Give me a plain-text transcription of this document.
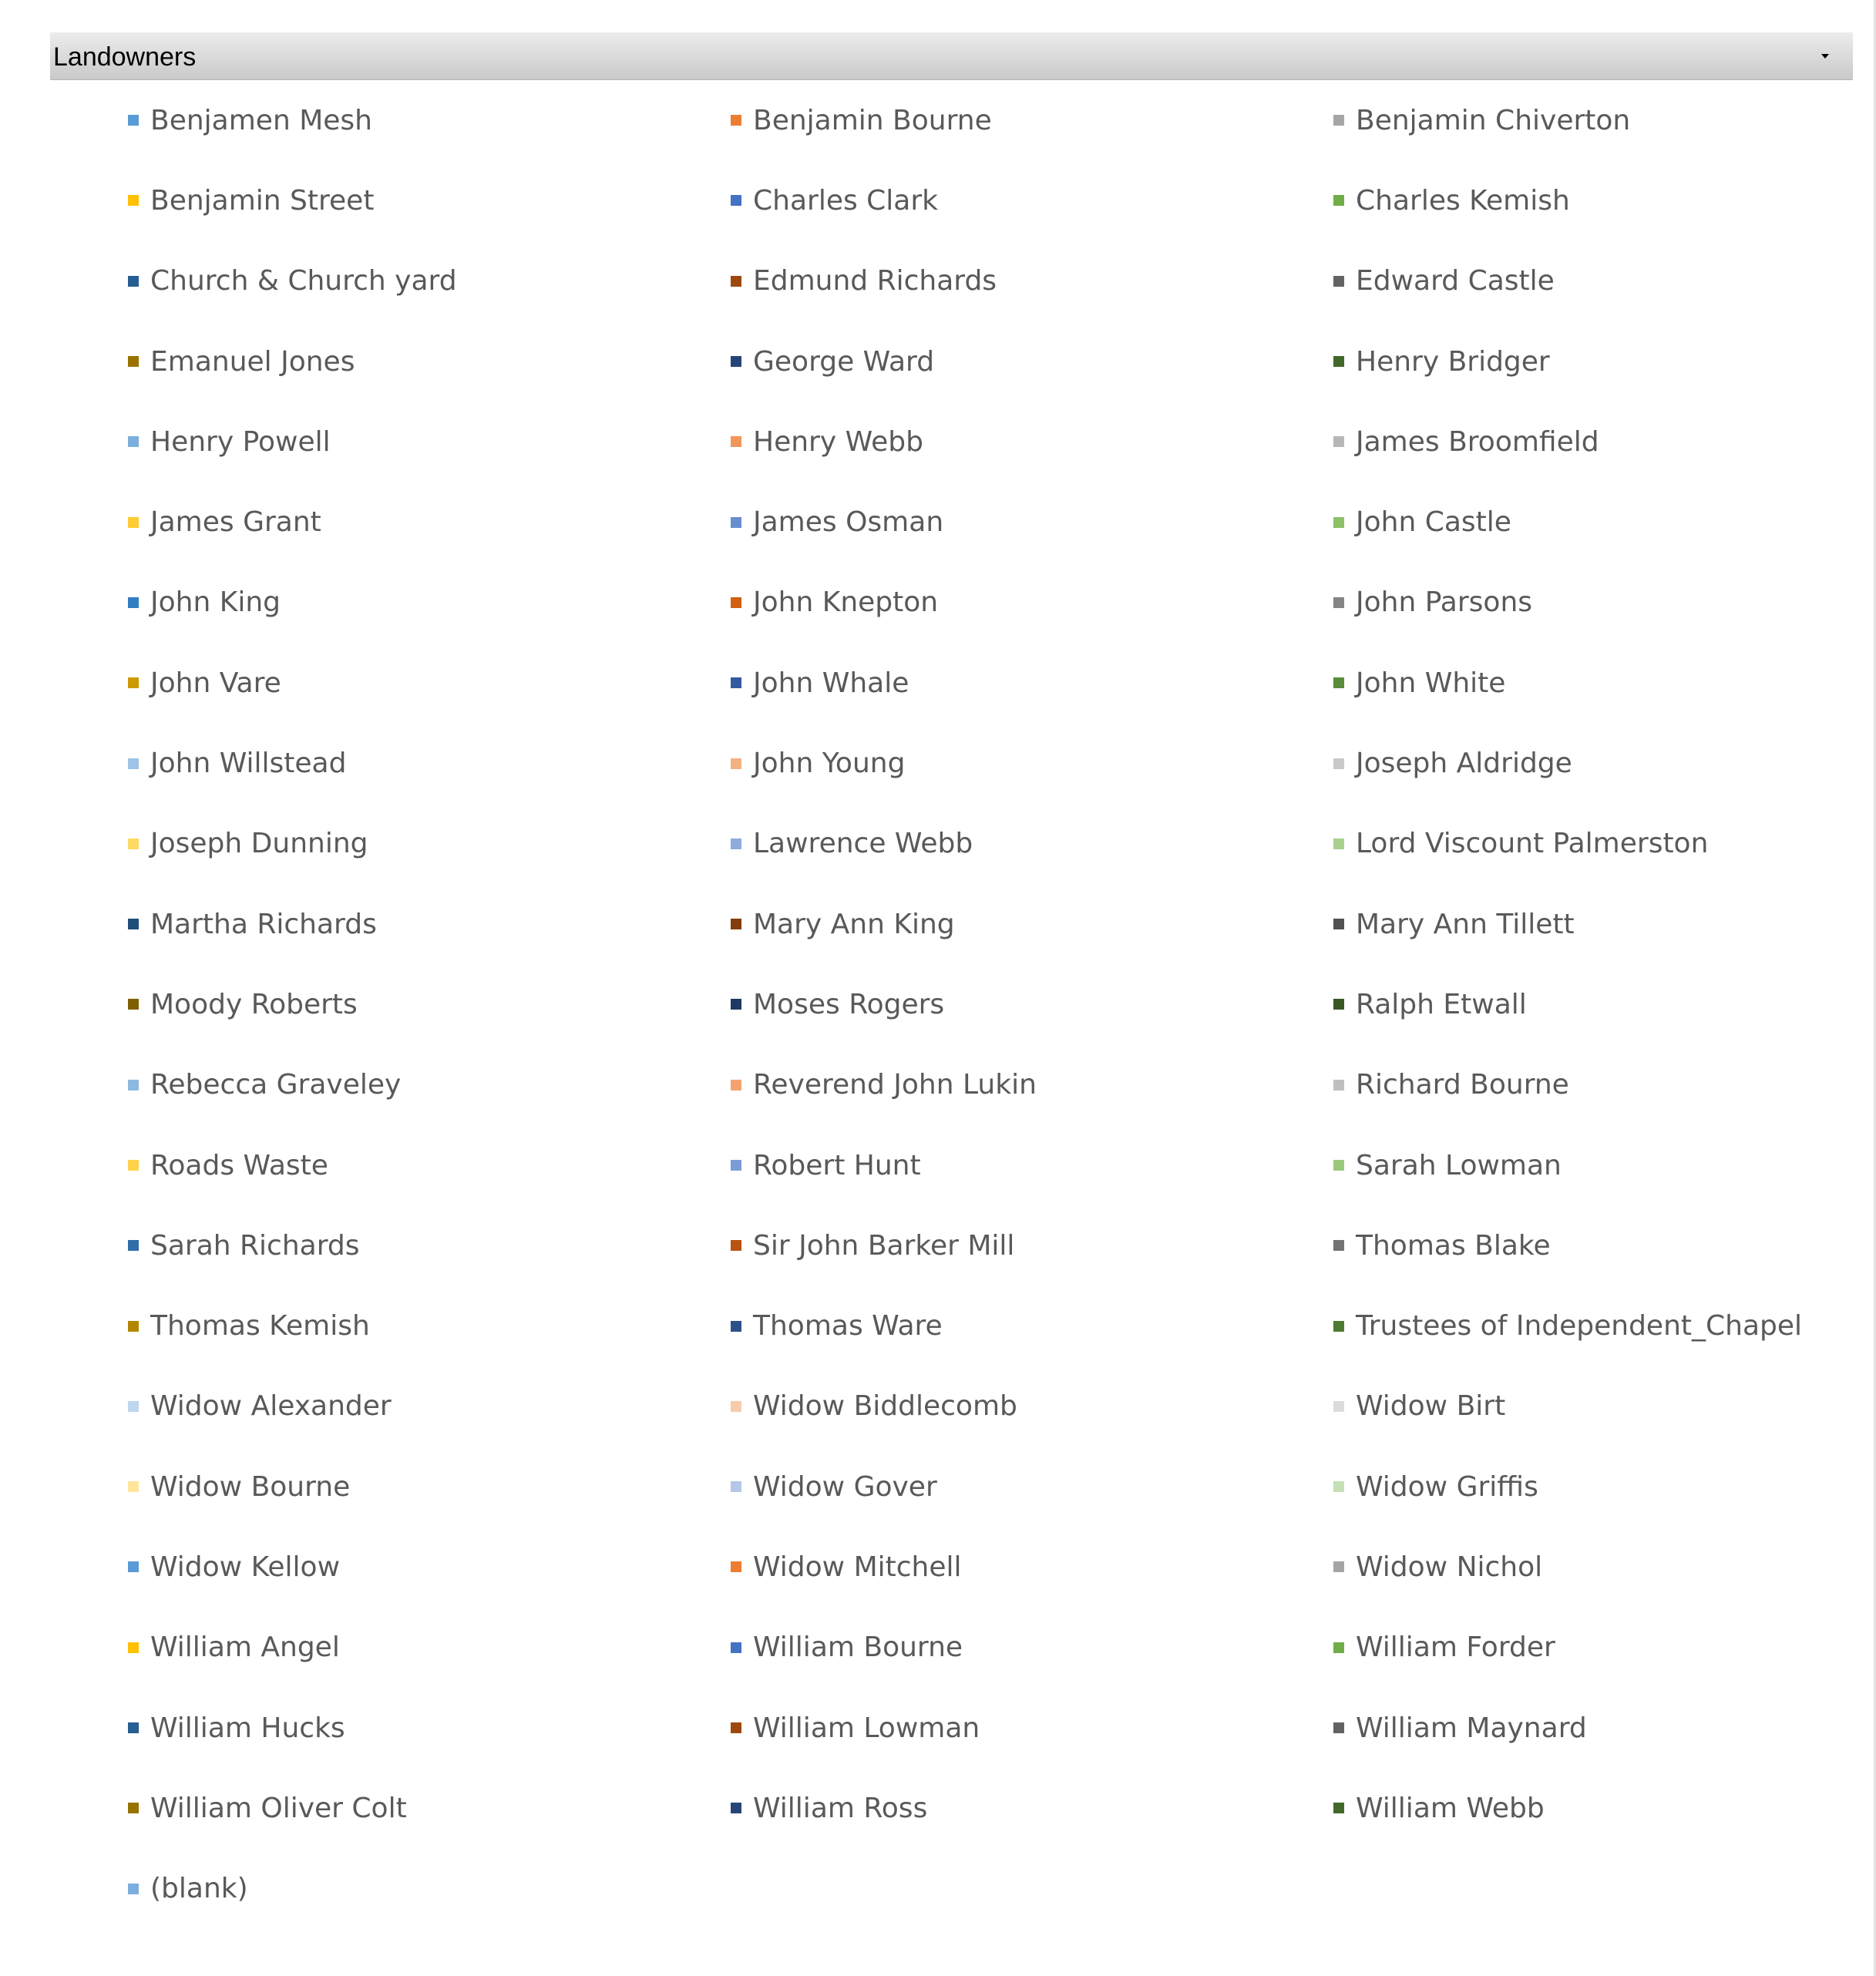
Landowners
Benjamen Mesh	Benjamin Bourne	Benjamin Chiverton
Benjamin Street	Charles Clark	Charles Kemish
Church & Church yard	Edmund Richards	Edward Castle
Emanuel Jones	George Ward	Henry Bridger
Henry Powell	Henry Webb	James Broomfield
James Grant	James Osman	John Castle
John King	John Knepton	John Parsons
John Vare	John Whale	John White
John Willstead	John Young	Joseph Aldridge
Joseph Dunning	Lawrence Webb	Lord Viscount Palmerston
Martha Richards	Mary Ann King	Mary Ann Tillett
Moody Roberts	Moses Rogers	Ralph Etwall
Rebecca Graveley	Reverend John Lukin	Richard Bourne
Roads Waste	Robert Hunt	Sarah Lowman
Sarah Richards	Sir John Barker Mill	Thomas Blake
Thomas Kemish	Thomas Ware	Trustees of Independent_Chapel
Widow Alexander	Widow Biddlecomb	Widow Birt
Widow Bourne	Widow Gover	Widow Griffis
Widow Kellow	Widow Mitchell	Widow Nichol
William Angel	William Bourne	William Forder
William Hucks	William Lowman	William Maynard
William Oliver Colt	William Ross	William Webb
(blank)
